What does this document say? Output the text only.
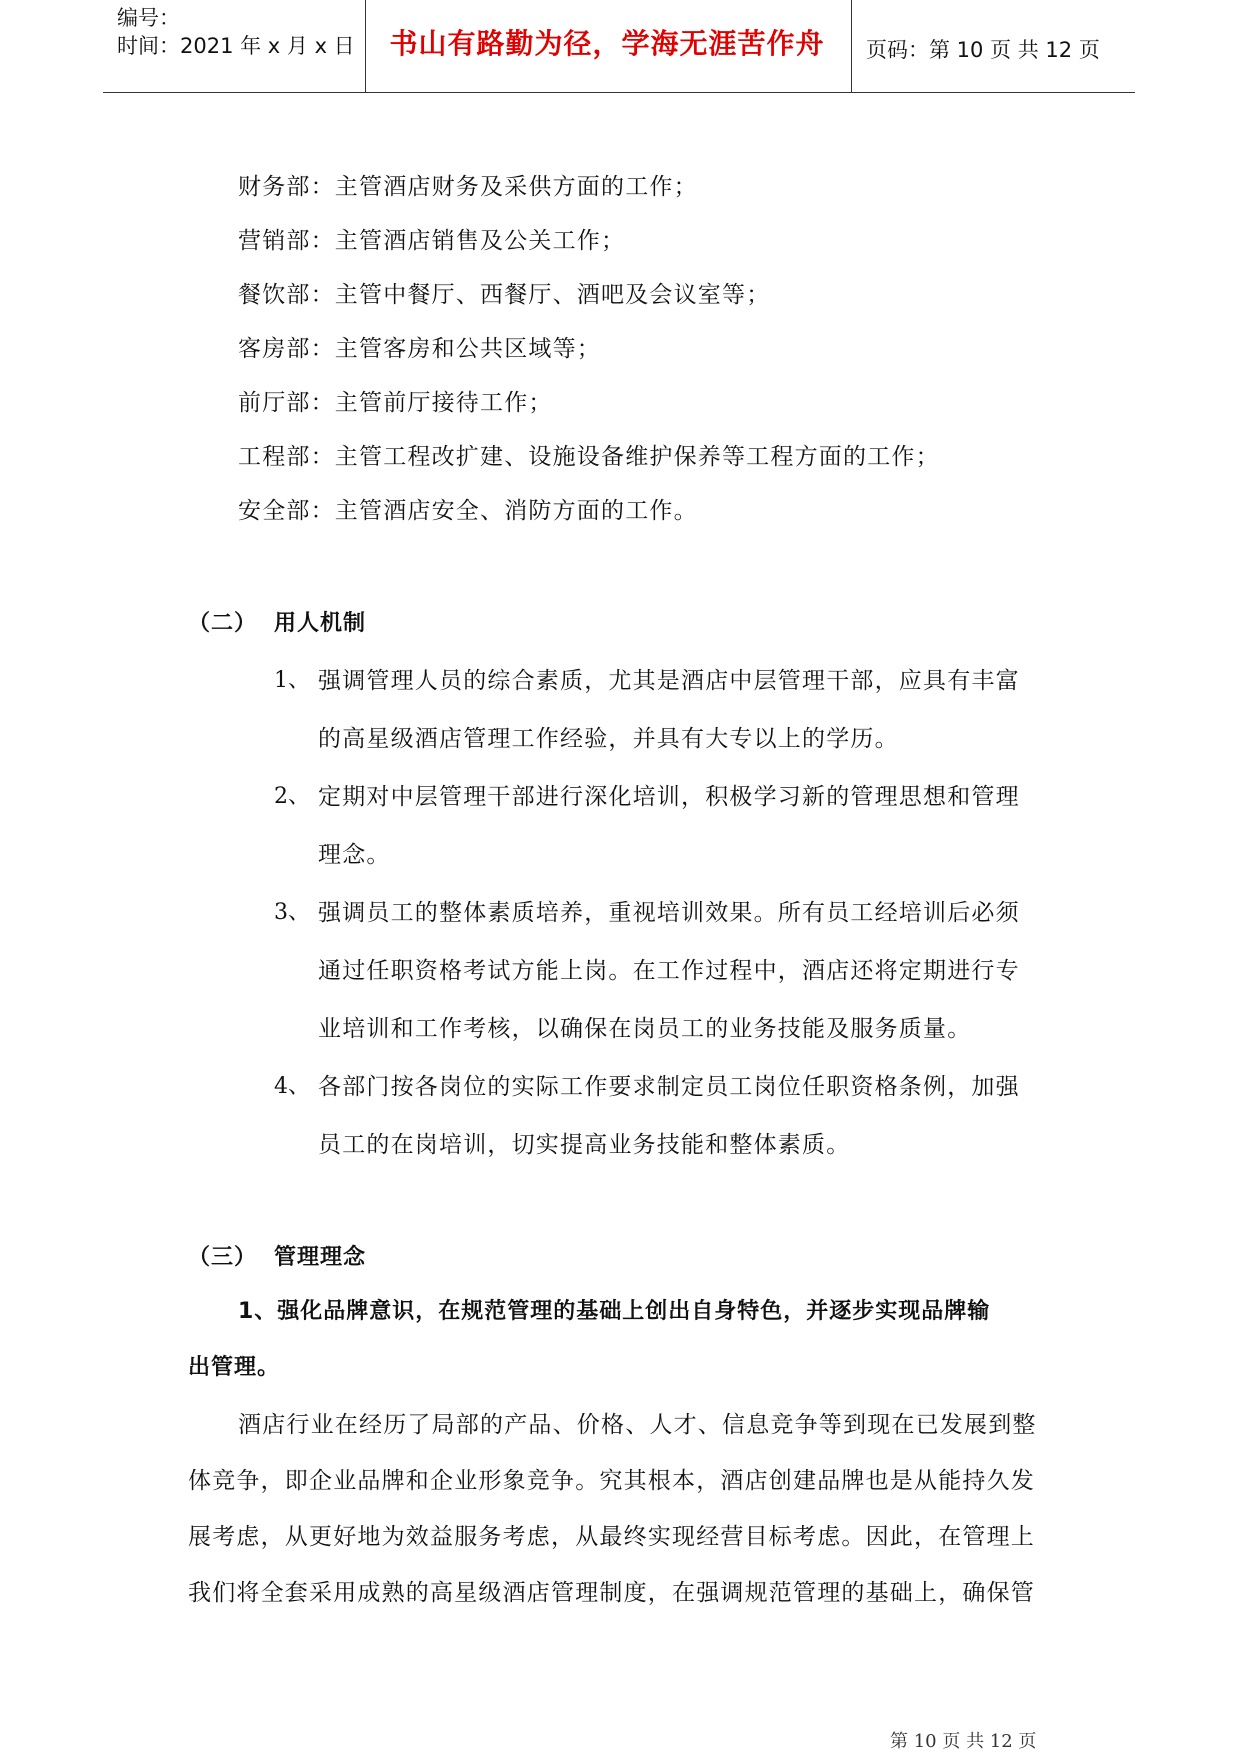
编号：
时间：2021 年 x 月 x 日	书山有路勤为径，学海无涯苦作舟	页码：第 10 页 共 12 页
财务部：主管酒店财务及采供方面的工作；
营销部：主管酒店销售及公关工作；
餐饮部：主管中餐厅、西餐厅、酒吧及会议室等；
客房部：主管客房和公共区域等；
前厅部：主管前厅接待工作；
工程部：主管工程改扩建、设施设备维护保养等工程方面的工作；
安全部：主管酒店安全、消防方面的工作。
（二） 用人机制
1、 强调管理人员的综合素质，尤其是酒店中层管理干部，应具有丰富
的高星级酒店管理工作经验，并具有大专以上的学历。
2、 定期对中层管理干部进行深化培训，积极学习新的管理思想和管理
理念。
3、 强调员工的整体素质培养，重视培训效果。所有员工经培训后必须
通过任职资格考试方能上岗。在工作过程中，酒店还将定期进行专
业培训和工作考核，以确保在岗员工的业务技能及服务质量。
4、 各部门按各岗位的实际工作要求制定员工岗位任职资格条例，加强
员工的在岗培训，切实提高业务技能和整体素质。
（三） 管理理念
1、强化品牌意识，在规范管理的基础上创出自身特色，并逐步实现品牌输
出管理。
酒店行业在经历了局部的产品、价格、人才、信息竞争等到现在已发展到整
体竞争，即企业品牌和企业形象竞争。究其根本，酒店创建品牌也是从能持久发
展考虑，从更好地为效益服务考虑，从最终实现经营目标考虑。因此，在管理上
我们将全套采用成熟的高星级酒店管理制度，在强调规范管理的基础上，确保管
第 10 页 共 12 页
